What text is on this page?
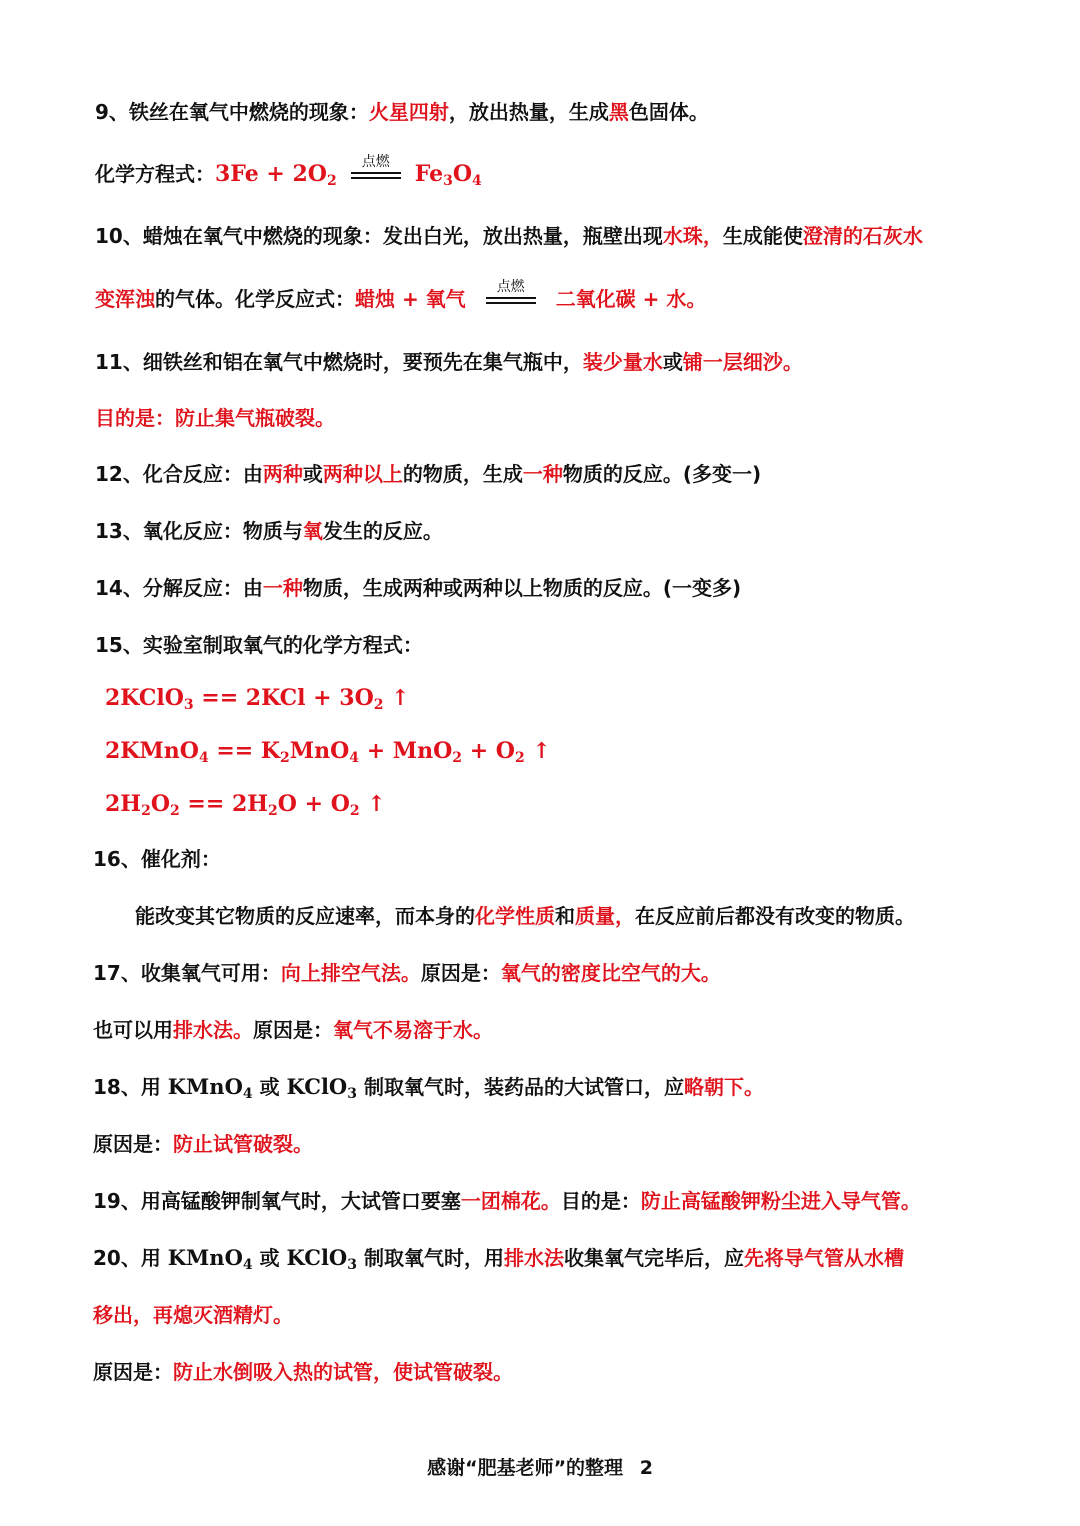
9、铁丝在氧气中燃烧的现象：火星四射，放出热量，生成黑色固体。
化学方程式：$3Fe + 2O_2$
点燃	$Fe_3O_4$
10、蜡烛在氧气中燃烧的现象：发出白光，放出热量，瓶壁出现水珠，生成能使澄清的石灰水
变浑浊的气体。化学反应式：蜡烛 + 氧气
点燃
二氧化碳 + 水。
11、细铁丝和铝在氧气中燃烧时，要预先在集气瓶中，装少量水或铺一层细沙。
目的是：防止集气瓶破裂。
12、化合反应：由两种或两种以上的物质，生成一种物质的反应。(多变一)
13、氧化反应：物质与氧发生的反应。
14、分解反应：由一种物质，生成两种或两种以上物质的反应。(一变多)
15、实验室制取氧气的化学方程式：
2KClO$_3$ == $2KCl + 3O_2$ ↑
2KMnO$_4$ == $K_2MnO_4 + MnO_2 + O_2$ ↑
$2H_2O_2 == 2H_2O + O_2$ ↑
16、催化剂：
能改变其它物质的反应速率，而本身的化学性质和质量，在反应前后都没有改变的物质。
17、收集氧气可用：向上排空气法。原因是：氧气的密度比空气的大。
也可以用排水法。原因是：氧气不易溶于水。
18、用 KMnO$_4$ 或 KClO$_3$ 制取氧气时，装药品的大试管口，应略朝下。
原因是：防止试管破裂。
19、用高锰酸钾制氧气时，大试管口要塞一团棉花。目的是：防止高锰酸钾粉尘进入导气管。
20、用 KMnO$_4$ 或 KClO$_3$ 制取氧气时，用排水法收集氧气完毕后，应先将导气管从水槽
移出，再熄灭酒精灯。
原因是：防止水倒吸入热的试管，使试管破裂。
感谢“肥基老师”的整理 2
